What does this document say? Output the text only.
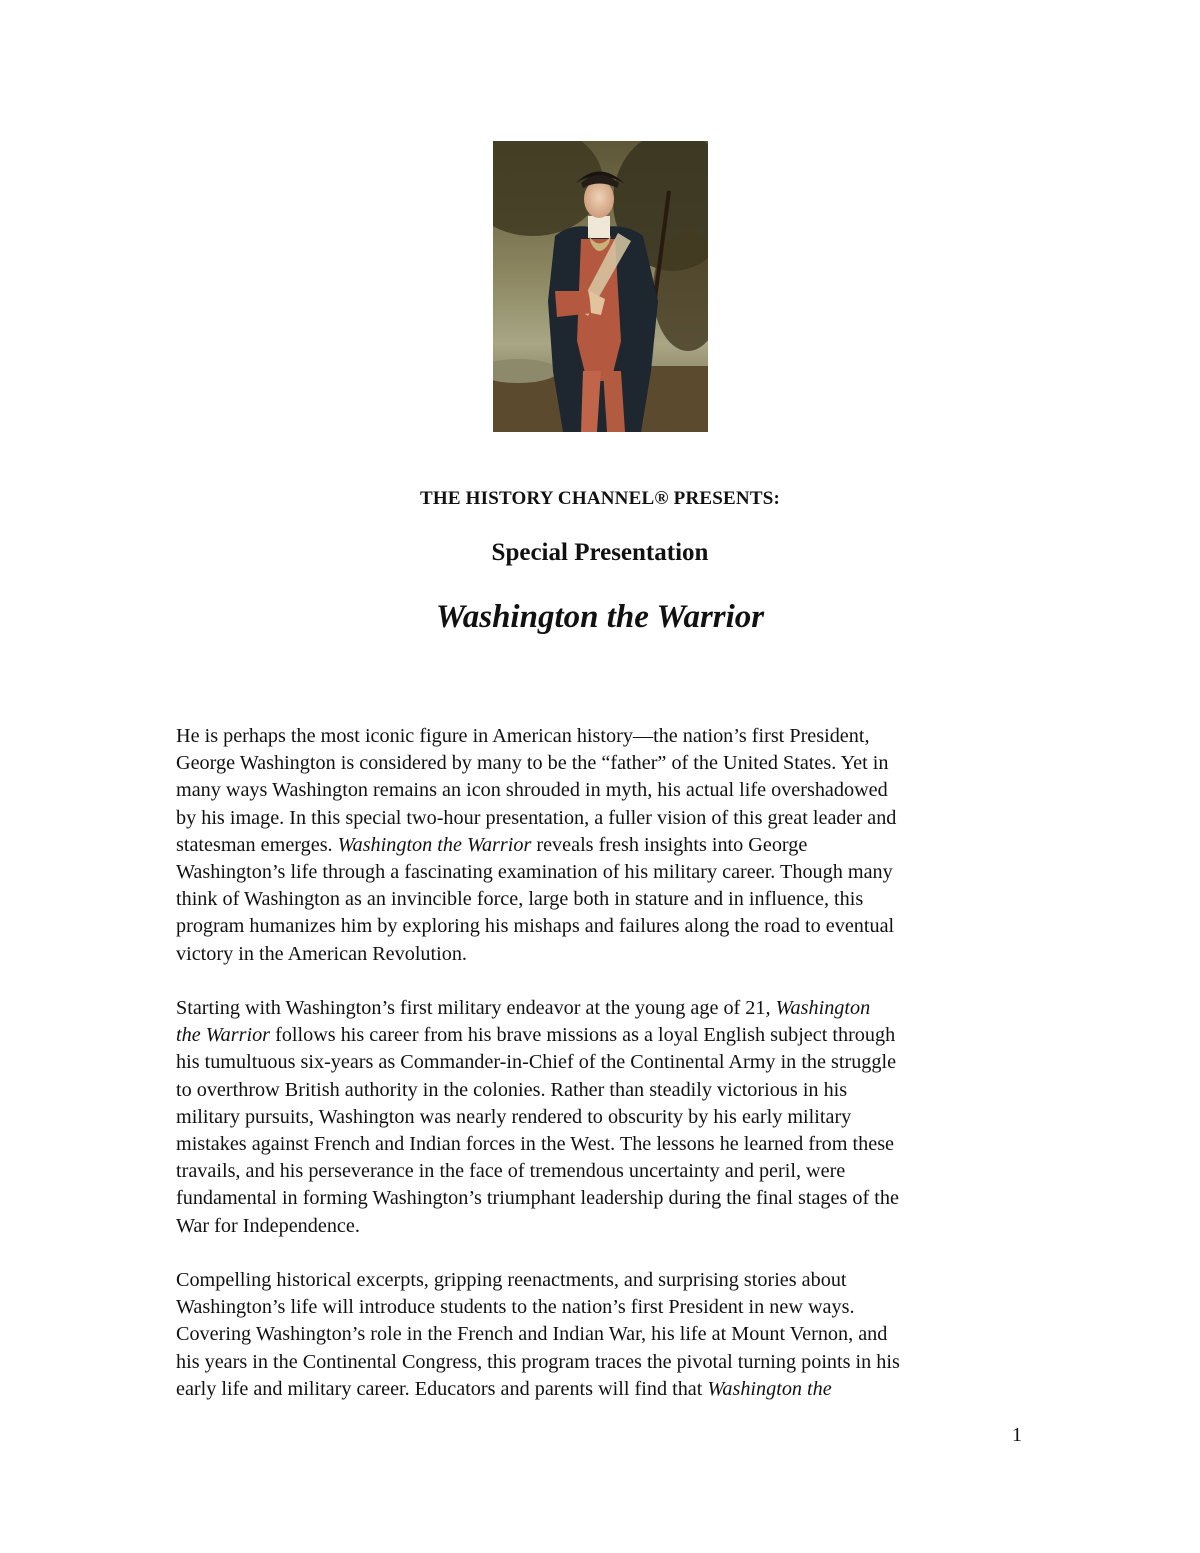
THE HISTORY CHANNEL® PRESENTS:
Special Presentation
Washington the Warrior

He is perhaps the most iconic figure in American history—the nation’s first President,
George Washington is considered by many to be the “father” of the United States. Yet in
many ways Washington remains an icon shrouded in myth, his actual life overshadowed
by his image. In this special two-hour presentation, a fuller vision of this great leader and
statesman emerges. Washington the Warrior reveals fresh insights into George
Washington’s life through a fascinating examination of his military career. Though many
think of Washington as an invincible force, large both in stature and in influence, this
program humanizes him by exploring his mishaps and failures along the road to eventual
victory in the American Revolution.

Starting with Washington’s first military endeavor at the young age of 21, Washington
the Warrior follows his career from his brave missions as a loyal English subject through
his tumultuous six-years as Commander-in-Chief of the Continental Army in the struggle
to overthrow British authority in the colonies. Rather than steadily victorious in his
military pursuits, Washington was nearly rendered to obscurity by his early military
mistakes against French and Indian forces in the West. The lessons he learned from these
travails, and his perseverance in the face of tremendous uncertainty and peril, were
fundamental in forming Washington’s triumphant leadership during the final stages of the
War for Independence.

Compelling historical excerpts, gripping reenactments, and surprising stories about
Washington’s life will introduce students to the nation’s first President in new ways.
Covering Washington’s role in the French and Indian War, his life at Mount Vernon, and
his years in the Continental Congress, this program traces the pivotal turning points in his
early life and military career. Educators and parents will find that Washington the

1
